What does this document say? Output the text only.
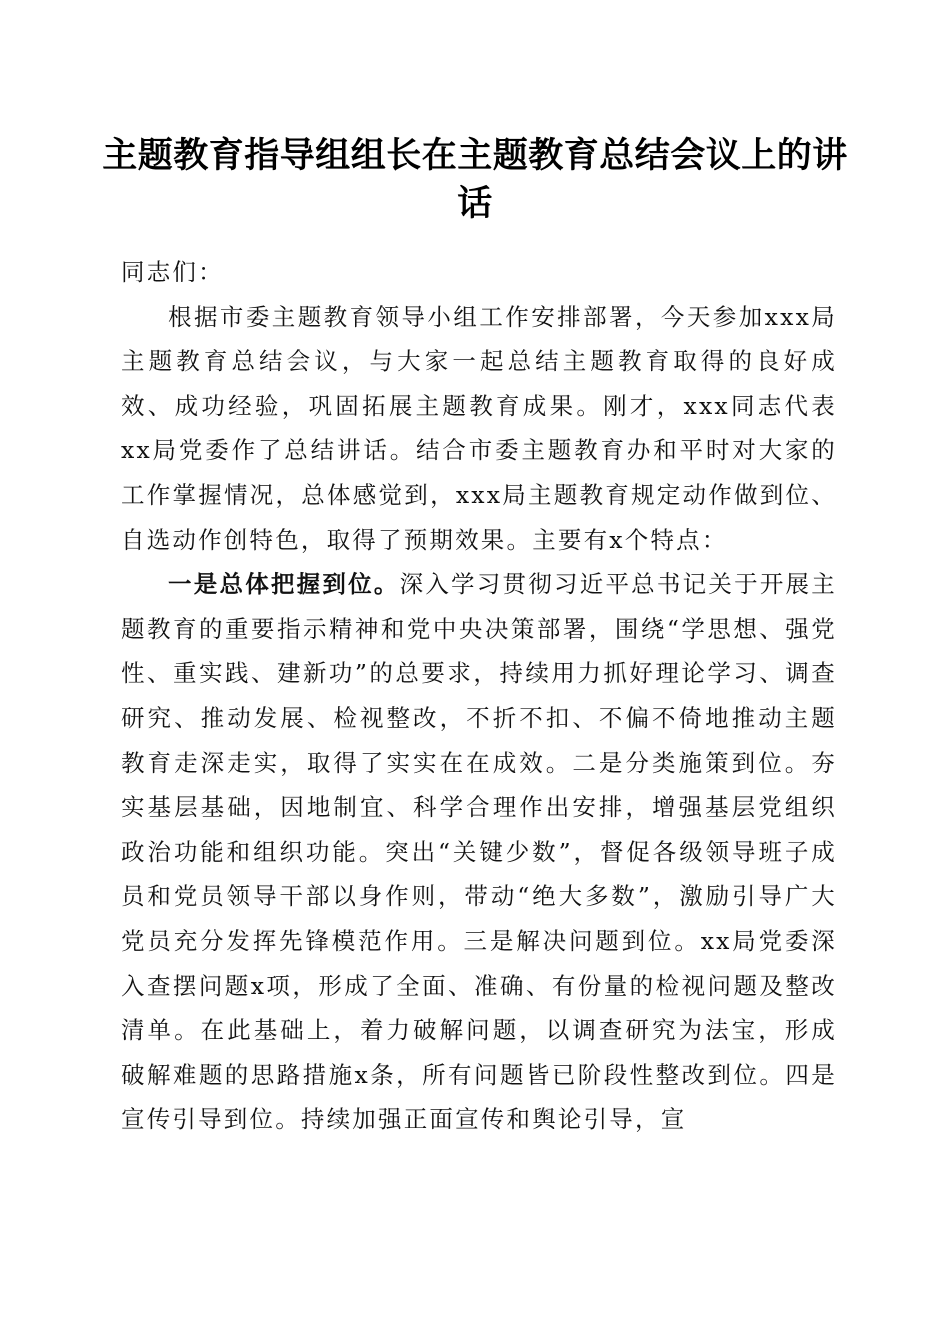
主题教育指导组组长在主题教育总结会议上的讲话

同志们：

根据市委主题教育领导小组工作安排部署，今天参加xxx局主题教育总结会议，与大家一起总结主题教育取得的良好成效、成功经验，巩固拓展主题教育成果。刚才，xxx同志代表xx局党委作了总结讲话。结合市委主题教育办和平时对大家的工作掌握情况，总体感觉到，xxx局主题教育规定动作做到位、自选动作创特色，取得了预期效果。主要有x个特点：

一是总体把握到位。深入学习贯彻习近平总书记关于开展主题教育的重要指示精神和党中央决策部署，围绕“学思想、强党性、重实践、建新功”的总要求，持续用力抓好理论学习、调查研究、推动发展、检视整改，不折不扣、不偏不倚地推动主题教育走深走实，取得了实实在在成效。二是分类施策到位。夯实基层基础，因地制宜、科学合理作出安排，增强基层党组织政治功能和组织功能。突出“关键少数”，督促各级领导班子成员和党员领导干部以身作则，带动“绝大多数”，激励引导广大党员充分发挥先锋模范作用。三是解决问题到位。xx局党委深入查摆问题x项，形成了全面、准确、有份量的检视问题及整改清单。在此基础上，着力破解问题，以调查研究为法宝，形成破解难题的思路措施x条，所有问题皆已阶段性整改到位。四是宣传引导到位。持续加强正面宣传和舆论引导，宣
